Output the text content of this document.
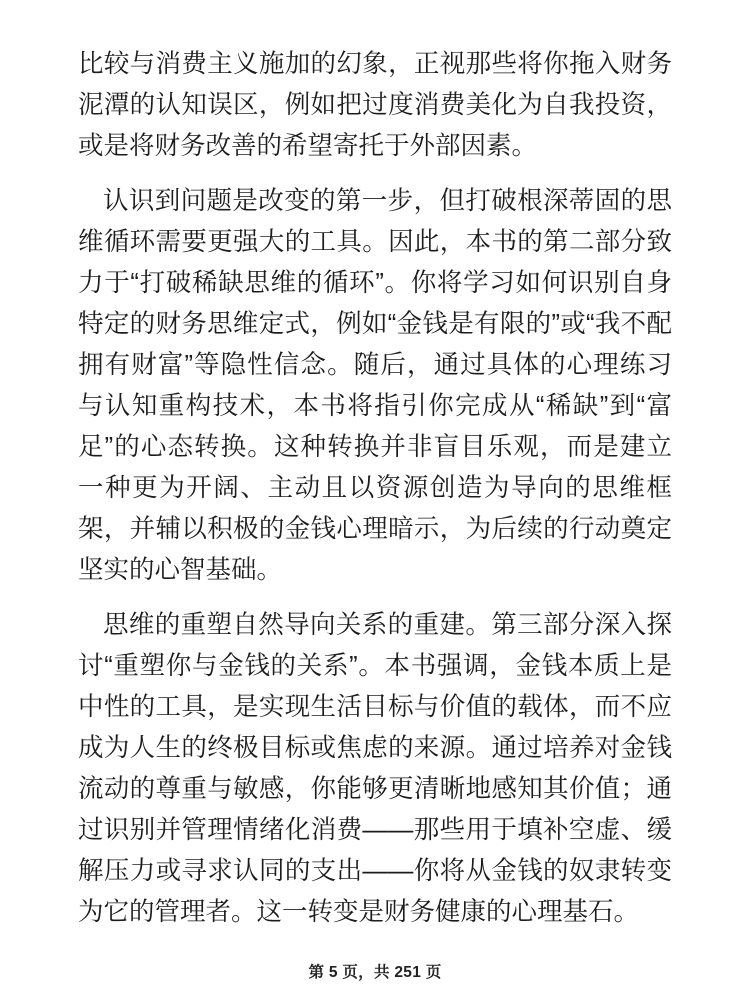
比较与消费主义施加的幻象，正视那些将你拖入财务泥潭的认知误区，例如把过度消费美化为自我投资，或是将财务改善的希望寄托于外部因素。

认识到问题是改变的第一步，但打破根深蒂固的思维循环需要更强大的工具。因此，本书的第二部分致力于“打破稀缺思维的循环”。你将学习如何识别自身特定的财务思维定式，例如“金钱是有限的”或“我不配拥有财富”等隐性信念。随后，通过具体的心理练习与认知重构技术，本书将指引你完成从“稀缺”到“富足”的心态转换。这种转换并非盲目乐观，而是建立一种更为开阔、主动且以资源创造为导向的思维框架，并辅以积极的金钱心理暗示，为后续的行动奠定坚实的心智基础。

思维的重塑自然导向关系的重建。第三部分深入探讨“重塑你与金钱的关系”。本书强调，金钱本质上是中性的工具，是实现生活目标与价值的载体，而不应成为人生的终极目标或焦虑的来源。通过培养对金钱流动的尊重与敏感，你能够更清晰地感知其价值；通过识别并管理情绪化消费——那些用于填补空虚、缓解压力或寻求认同的支出——你将从金钱的奴隶转变为它的管理者。这一转变是财务健康的心理基石。

第 5 页，共 251 页
